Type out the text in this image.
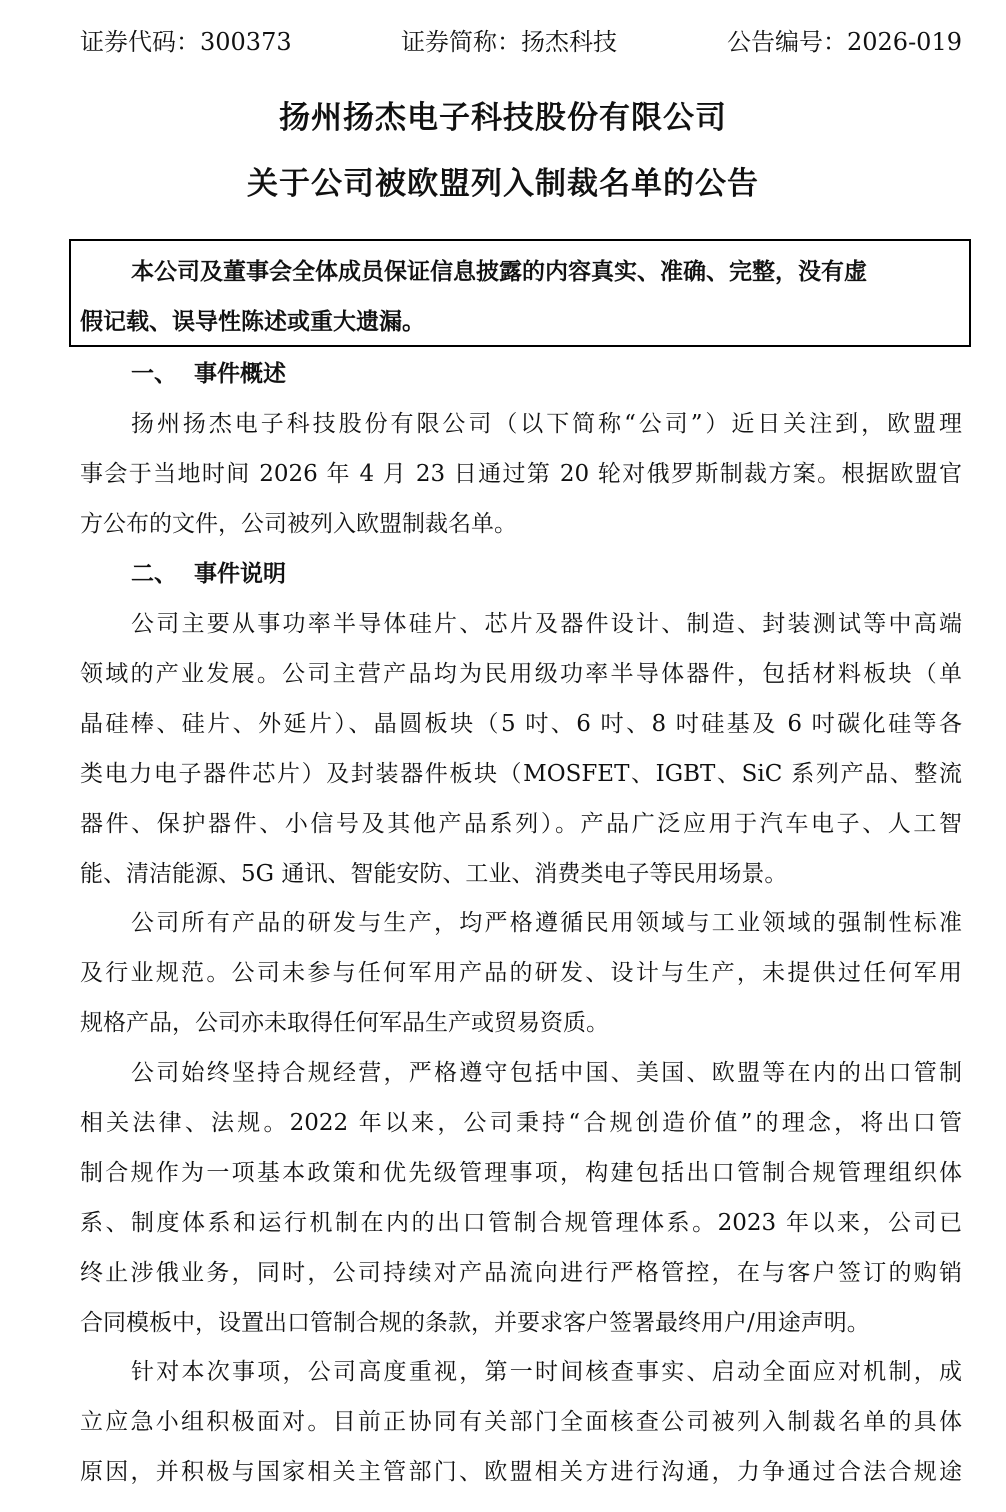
证券代码：300373	证券简称：扬杰科技	公告编号：2026-019
扬州扬杰电子科技股份有限公司
关于公司被欧盟列入制裁名单的公告
本公司及董事会全体成员保证信息披露的内容真实、准确、完整，没有虚
假记载、误导性陈述或重大遗漏。
一、 事件概述
扬州扬杰电子科技股份有限公司（以下简称“公司”）近日关注到，欧盟理
事会于当地时间 2026 年 4 月 23 日通过第 20 轮对俄罗斯制裁方案。根据欧盟官
方公布的文件，公司被列入欧盟制裁名单。
二、 事件说明
公司主要从事功率半导体硅片、芯片及器件设计、制造、封装测试等中高端
领域的产业发展。公司主营产品均为民用级功率半导体器件，包括材料板块（单
晶硅棒、硅片、外延片）、晶圆板块（5 吋、6 吋、8 吋硅基及 6 吋碳化硅等各
类电力电子器件芯片）及封装器件板块（MOSFET、IGBT、SiC 系列产品、整流
器件、保护器件、小信号及其他产品系列）。产品广泛应用于汽车电子、人工智
能、清洁能源、5G 通讯、智能安防、工业、消费类电子等民用场景。
公司所有产品的研发与生产，均严格遵循民用领域与工业领域的强制性标准
及行业规范。公司未参与任何军用产品的研发、设计与生产，未提供过任何军用
规格产品，公司亦未取得任何军品生产或贸易资质。
公司始终坚持合规经营，严格遵守包括中国、美国、欧盟等在内的出口管制
相关法律、法规。2022 年以来，公司秉持“合规创造价值”的理念，将出口管
制合规作为一项基本政策和优先级管理事项，构建包括出口管制合规管理组织体
系、制度体系和运行机制在内的出口管制合规管理体系。2023 年以来，公司已
终止涉俄业务，同时，公司持续对产品流向进行严格管控，在与客户签订的购销
合同模板中，设置出口管制合规的条款，并要求客户签署最终用户/用途声明。
针对本次事项，公司高度重视，第一时间核查事实、启动全面应对机制，成
立应急小组积极面对。目前正协同有关部门全面核查公司被列入制裁名单的具体
原因，并积极与国家相关主管部门、欧盟相关方进行沟通，力争通过合法合规途
